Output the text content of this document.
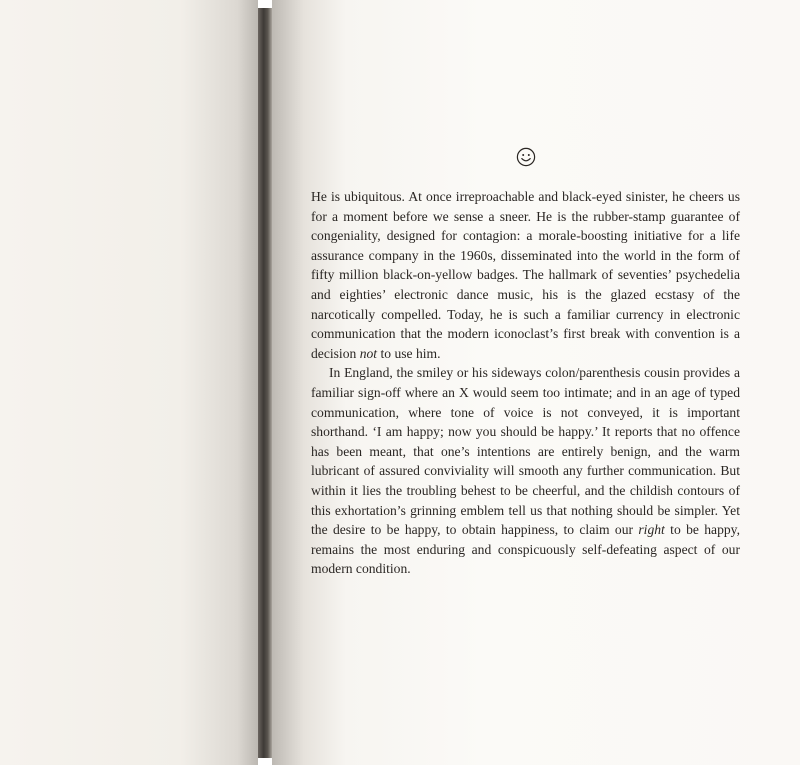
He is ubiquitous. At once irreproachable and black-eyed sinister, he cheers us for a moment before we sense a sneer. He is the rubber-stamp guarantee of congeniality, designed for contagion: a morale-boosting initiative for a life assurance company in the 1960s, disseminated into the world in the form of fifty million black-on-yellow badges. The hallmark of seventies’ psychedelia and eighties’ electronic dance music, his is the glazed ecstasy of the narcotically compelled. Today, he is such a familiar currency in electronic communication that the modern iconoclast’s first break with convention is a decision not to use him.

In England, the smiley or his sideways colon/parenthesis cousin provides a familiar sign-off where an X would seem too intimate; and in an age of typed communication, where tone of voice is not conveyed, it is important shorthand. ‘I am happy; now you should be happy.’ It reports that no offence has been meant, that one’s intentions are entirely benign, and the warm lubricant of assured conviviality will smooth any further communication. But within it lies the troubling behest to be cheerful, and the childish contours of this exhortation’s grinning emblem tell us that nothing should be simpler. Yet the desire to be happy, to obtain happiness, to claim our right to be happy, remains the most enduring and conspicuously self-defeating aspect of our modern condition.
